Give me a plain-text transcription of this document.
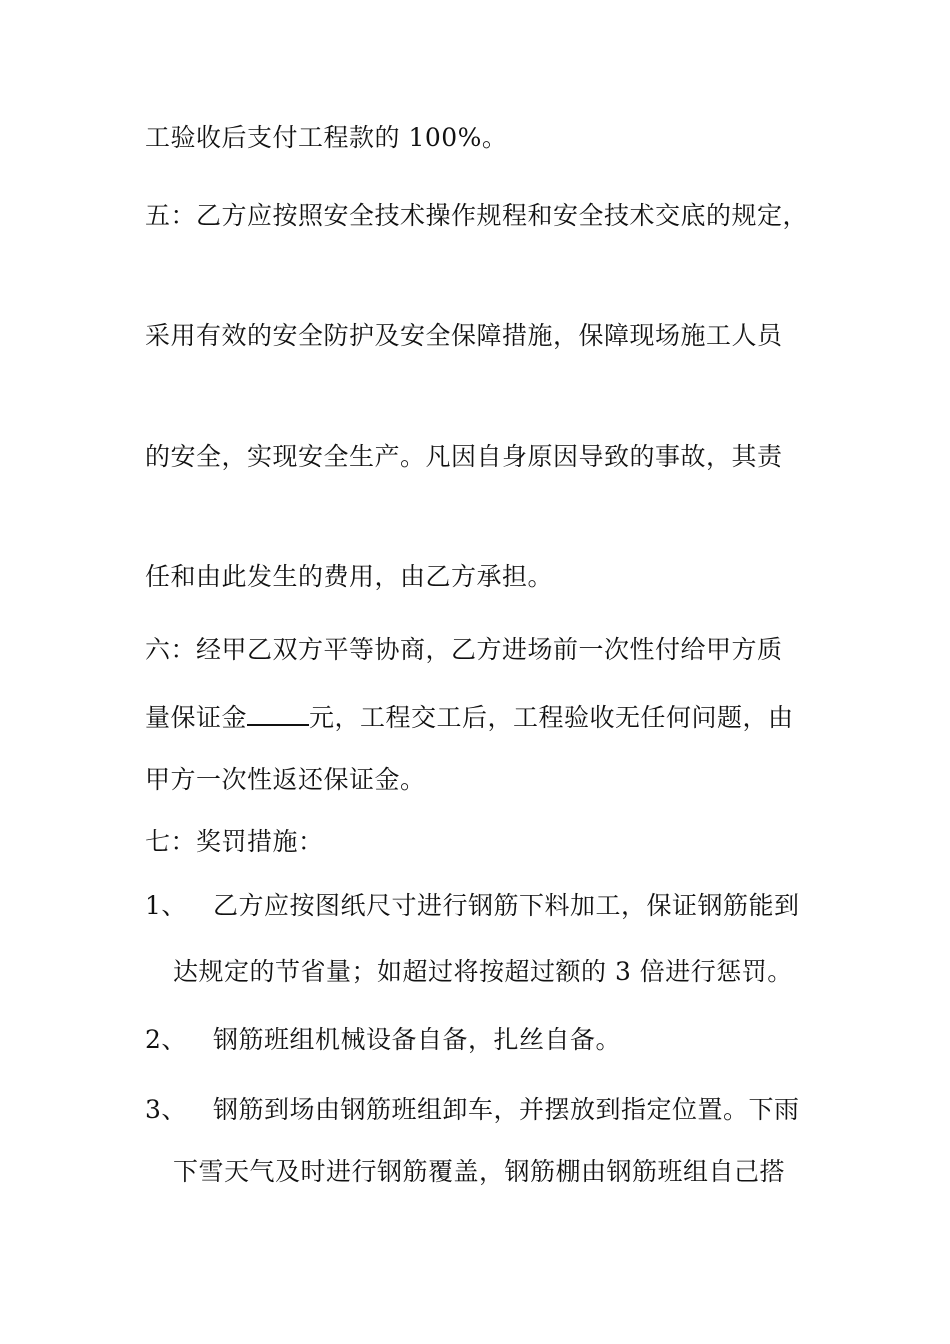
工验收后支付工程款的 100%。
五：乙方应按照安全技术操作规程和安全技术交底的规定，
采用有效的安全防护及安全保障措施，保障现场施工人员
的安全，实现安全生产。凡因自身原因导致的事故，其责
任和由此发生的费用，由乙方承担。
六：经甲乙双方平等协商，乙方进场前一次性付给甲方质
量保证金 元，工程交工后，工程验收无任何问题，由
甲方一次性返还保证金。
七：奖罚措施：
1、 乙方应按图纸尺寸进行钢筋下料加工，保证钢筋能到
达规定的节省量；如超过将按超过额的 3 倍进行惩罚。
2、 钢筋班组机械设备自备，扎丝自备。
3、 钢筋到场由钢筋班组卸车，并摆放到指定位置。下雨
下雪天气及时进行钢筋覆盖，钢筋棚由钢筋班组自己搭
